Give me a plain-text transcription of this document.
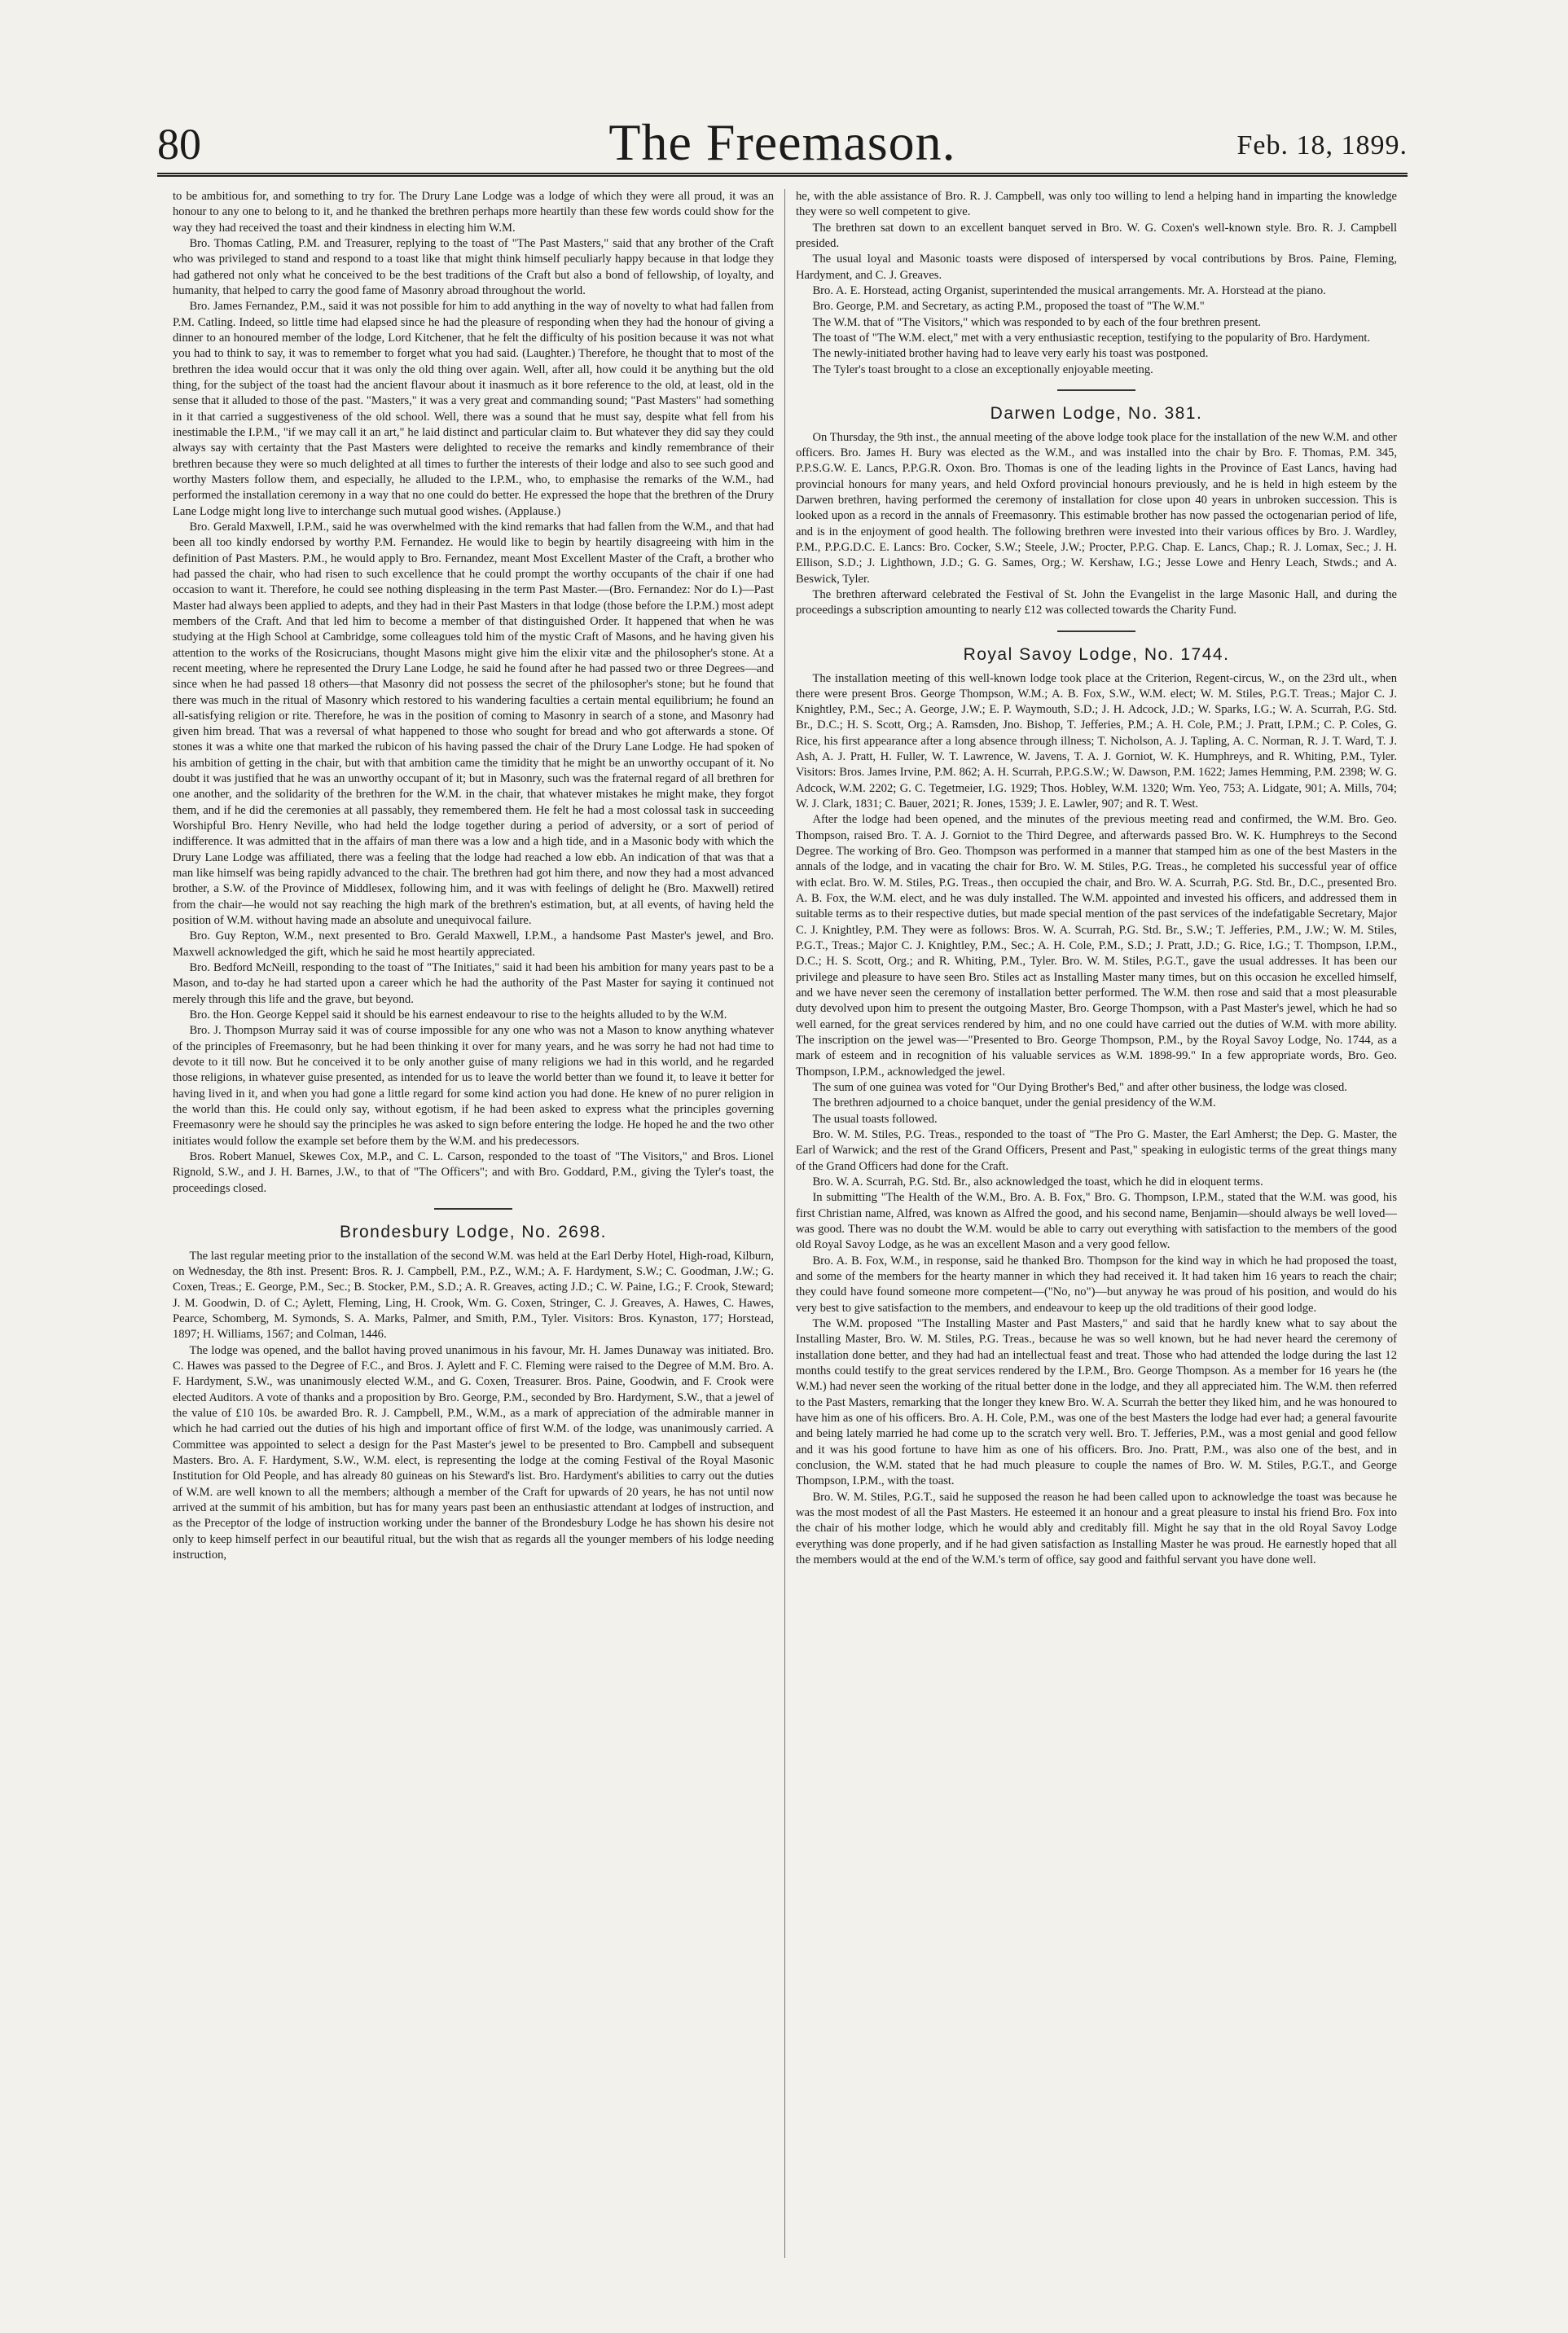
80	The Freemason.	Feb. 18, 1899.

to be ambitious for, and something to try for. The Drury Lane Lodge was a lodge of which they were all proud, it was an honour to any one to belong to it, and he thanked the brethren perhaps more heartily than these few words could show for the way they had received the toast and their kindness in electing him W.M.

Bro. Thomas Catling, P.M. and Treasurer, replying to the toast of "The Past Masters," said that any brother of the Craft who was privileged to stand and respond to a toast like that might think himself peculiarly happy because in that lodge they had gathered not only what he conceived to be the best traditions of the Craft but also a bond of fellowship, of loyalty, and humanity, that helped to carry the good fame of Masonry abroad throughout the world.

Bro. James Fernandez, P.M., said it was not possible for him to add anything in the way of novelty to what had fallen from P.M. Catling. Indeed, so little time had elapsed since he had the pleasure of responding when they had the honour of giving a dinner to an honoured member of the lodge, Lord Kitchener, that he felt the difficulty of his position because it was not what you had to think to say, it was to remember to forget what you had said. (Laughter.) Therefore, he thought that to most of the brethren the idea would occur that it was only the old thing over again. Well, after all, how could it be anything but the old thing, for the subject of the toast had the ancient flavour about it inasmuch as it bore reference to the old, at least, old in the sense that it alluded to those of the past. "Masters," it was a very great and commanding sound; "Past Masters" had something in it that carried a suggestiveness of the old school. Well, there was a sound that he must say, despite what fell from his inestimable the I.P.M., "if we may call it an art," he laid distinct and particular claim to. But whatever they did say they could always say with certainty that the Past Masters were delighted to receive the remarks and kindly remembrance of their brethren because they were so much delighted at all times to further the interests of their lodge and also to see such good and worthy Masters follow them, and especially, he alluded to the I.P.M., who, to emphasise the remarks of the W.M., had performed the installation ceremony in a way that no one could do better. He expressed the hope that the brethren of the Drury Lane Lodge might long live to interchange such mutual good wishes. (Applause.)

Bro. Gerald Maxwell, I.P.M., said he was overwhelmed with the kind remarks that had fallen from the W.M., and that had been all too kindly endorsed by worthy P.M. Fernandez. He would like to begin by heartily disagreeing with him in the definition of Past Masters. P.M., he would apply to Bro. Fernandez, meant Most Excellent Master of the Craft, a brother who had passed the chair, who had risen to such excellence that he could prompt the worthy occupants of the chair if one had occasion to want it. Therefore, he could see nothing displeasing in the term Past Master.—(Bro. Fernandez: Nor do I.)—Past Master had always been applied to adepts, and they had in their Past Masters in that lodge (those before the I.P.M.) most adept members of the Craft. And that led him to become a member of that distinguished Order. It happened that when he was studying at the High School at Cambridge, some colleagues told him of the mystic Craft of Masons, and he having given his attention to the works of the Rosicrucians, thought Masons might give him the elixir vitæ and the philosopher's stone. At a recent meeting, where he represented the Drury Lane Lodge, he said he found after he had passed two or three Degrees—and since when he had passed 18 others—that Masonry did not possess the secret of the philosopher's stone; but he found that there was much in the ritual of Masonry which restored to his wandering faculties a certain mental equilibrium; he found an all-satisfying religion or rite. Therefore, he was in the position of coming to Masonry in search of a stone, and Masonry had given him bread. That was a reversal of what happened to those who sought for bread and who got afterwards a stone. Of stones it was a white one that marked the rubicon of his having passed the chair of the Drury Lane Lodge. He had spoken of his ambition of getting in the chair, but with that ambition came the timidity that he might be an unworthy occupant of it. No doubt it was justified that he was an unworthy occupant of it; but in Masonry, such was the fraternal regard of all brethren for one another, and the solidarity of the brethren for the W.M. in the chair, that whatever mistakes he might make, they forgot them, and if he did the ceremonies at all passably, they remembered them. He felt he had a most colossal task in succeeding Worshipful Bro. Henry Neville, who had held the lodge together during a period of adversity, or a sort of period of indifference. It was admitted that in the affairs of man there was a low and a high tide, and in a Masonic body with which the Drury Lane Lodge was affiliated, there was a feeling that the lodge had reached a low ebb. An indication of that was that a man like himself was being rapidly advanced to the chair. The brethren had got him there, and now they had a most advanced brother, a S.W. of the Province of Middlesex, following him, and it was with feelings of delight he (Bro. Maxwell) retired from the chair—he would not say reaching the high mark of the brethren's estimation, but, at all events, of having held the position of W.M. without having made an absolute and unequivocal failure.

Bro. Guy Repton, W.M., next presented to Bro. Gerald Maxwell, I.P.M., a handsome Past Master's jewel, and Bro. Maxwell acknowledged the gift, which he said he most heartily appreciated.

Bro. Bedford McNeill, responding to the toast of "The Initiates," said it had been his ambition for many years past to be a Mason, and to-day he had started upon a career which he had the authority of the Past Master for saying it continued not merely through this life and the grave, but beyond.

Bro. the Hon. George Keppel said it should be his earnest endeavour to rise to the heights alluded to by the W.M.

Bro. J. Thompson Murray said it was of course impossible for any one who was not a Mason to know anything whatever of the principles of Freemasonry, but he had been thinking it over for many years, and he was sorry he had not had time to devote to it till now. But he conceived it to be only another guise of many religions we had in this world, and he regarded those religions, in whatever guise presented, as intended for us to leave the world better than we found it, to leave it better for having lived in it, and when you had gone a little regard for some kind action you had done. He knew of no purer religion in the world than this. He could only say, without egotism, if he had been asked to express what the principles governing Freemasonry were he should say the principles he was asked to sign before entering the lodge. He hoped he and the two other initiates would follow the example set before them by the W.M. and his predecessors.

Bros. Robert Manuel, Skewes Cox, M.P., and C. L. Carson, responded to the toast of "The Visitors," and Bros. Lionel Rignold, S.W., and J. H. Barnes, J.W., to that of "The Officers"; and with Bro. Goddard, P.M., giving the Tyler's toast, the proceedings closed.

Brondesbury Lodge, No. 2698.

The last regular meeting prior to the installation of the second W.M. was held at the Earl Derby Hotel, High-road, Kilburn, on Wednesday, the 8th inst. Present: Bros. R. J. Campbell, P.M., P.Z., W.M.; A. F. Hardyment, S.W.; C. Goodman, J.W.; G. Coxen, Treas.; E. George, P.M., Sec.; B. Stocker, P.M., S.D.; A. R. Greaves, acting J.D.; C. W. Paine, I.G.; F. Crook, Steward; J. M. Goodwin, D. of C.; Aylett, Fleming, Ling, H. Crook, Wm. G. Coxen, Stringer, C. J. Greaves, A. Hawes, C. Hawes, Pearce, Schomberg, M. Symonds, S. A. Marks, Palmer, and Smith, P.M., Tyler. Visitors: Bros. Kynaston, 177; Horstead, 1897; H. Williams, 1567; and Colman, 1446.

The lodge was opened, and the ballot having proved unanimous in his favour, Mr. H. James Dunaway was initiated. Bro. C. Hawes was passed to the Degree of F.C., and Bros. J. Aylett and F. C. Fleming were raised to the Degree of M.M. Bro. A. F. Hardyment, S.W., was unanimously elected W.M., and G. Coxen, Treasurer. Bros. Paine, Goodwin, and F. Crook were elected Auditors. A vote of thanks and a proposition by Bro. George, P.M., seconded by Bro. Hardyment, S.W., that a jewel of the value of £10 10s. be awarded Bro. R. J. Campbell, P.M., W.M., as a mark of appreciation of the admirable manner in which he had carried out the duties of his high and important office of first W.M. of the lodge, was unanimously carried. A Committee was appointed to select a design for the Past Master's jewel to be presented to Bro. Campbell and subsequent Masters. Bro. A. F. Hardyment, S.W., W.M. elect, is representing the lodge at the coming Festival of the Royal Masonic Institution for Old People, and has already 80 guineas on his Steward's list. Bro. Hardyment's abilities to carry out the duties of W.M. are well known to all the members; although a member of the Craft for upwards of 20 years, he has not until now arrived at the summit of his ambition, but has for many years past been an enthusiastic attendant at lodges of instruction, and as the Preceptor of the lodge of instruction working under the banner of the Brondesbury Lodge he has shown his desire not only to keep himself perfect in our beautiful ritual, but the wish that as regards all the younger members of his lodge needing instruction,

he, with the able assistance of Bro. R. J. Campbell, was only too willing to lend a helping hand in imparting the knowledge they were so well competent to give.

The brethren sat down to an excellent banquet served in Bro. W. G. Coxen's well-known style. Bro. R. J. Campbell presided.

The usual loyal and Masonic toasts were disposed of interspersed by vocal contributions by Bros. Paine, Fleming, Hardyment, and C. J. Greaves.

Bro. A. E. Horstead, acting Organist, superintended the musical arrangements. Mr. A. Horstead at the piano.

Bro. George, P.M. and Secretary, as acting P.M., proposed the toast of "The W.M."

The W.M. that of "The Visitors," which was responded to by each of the four brethren present.

The toast of "The W.M. elect," met with a very enthusiastic reception, testifying to the popularity of Bro. Hardyment.

The newly-initiated brother having had to leave very early his toast was postponed.

The Tyler's toast brought to a close an exceptionally enjoyable meeting.

Darwen Lodge, No. 381.

On Thursday, the 9th inst., the annual meeting of the above lodge took place for the installation of the new W.M. and other officers. Bro. James H. Bury was elected as the W.M., and was installed into the chair by Bro. F. Thomas, P.M. 345, P.P.S.G.W. E. Lancs, P.P.G.R. Oxon. Bro. Thomas is one of the leading lights in the Province of East Lancs, having had provincial honours for many years, and held Oxford provincial honours previously, and he is held in high esteem by the Darwen brethren, having performed the ceremony of installation for close upon 40 years in unbroken succession. This is looked upon as a record in the annals of Freemasonry. This estimable brother has now passed the octogenarian period of life, and is in the enjoyment of good health. The following brethren were invested into their various offices by Bro. J. Wardley, P.M., P.P.G.D.C. E. Lancs: Bro. Cocker, S.W.; Steele, J.W.; Procter, P.P.G. Chap. E. Lancs, Chap.; R. J. Lomax, Sec.; J. H. Ellison, S.D.; J. Lighthown, J.D.; G. G. Sames, Org.; W. Kershaw, I.G.; Jesse Lowe and Henry Leach, Stwds.; and A. Beswick, Tyler.

The brethren afterward celebrated the Festival of St. John the Evangelist in the large Masonic Hall, and during the proceedings a subscription amounting to nearly £12 was collected towards the Charity Fund.

Royal Savoy Lodge, No. 1744.

The installation meeting of this well-known lodge took place at the Criterion, Regent-circus, W., on the 23rd ult., when there were present Bros. George Thompson, W.M.; A. B. Fox, S.W., W.M. elect; W. M. Stiles, P.G.T. Treas.; Major C. J. Knightley, P.M., Sec.; A. George, J.W.; E. P. Waymouth, S.D.; J. H. Adcock, J.D.; W. Sparks, I.G.; W. A. Scurrah, P.G. Std. Br., D.C.; H. S. Scott, Org.; A. Ramsden, Jno. Bishop, T. Jefferies, P.M.; A. H. Cole, P.M.; J. Pratt, I.P.M.; C. P. Coles, G. Rice, his first appearance after a long absence through illness; T. Nicholson, A. J. Tapling, A. C. Norman, R. J. T. Ward, T. J. Ash, A. J. Pratt, H. Fuller, W. T. Lawrence, W. Javens, T. A. J. Gorniot, W. K. Humphreys, and R. Whiting, P.M., Tyler. Visitors: Bros. James Irvine, P.M. 862; A. H. Scurrah, P.P.G.S.W.; W. Dawson, P.M. 1622; James Hemming, P.M. 2398; W. G. Adcock, W.M. 2202; G. C. Tegetmeier, I.G. 1929; Thos. Hobley, W.M. 1320; Wm. Yeo, 753; A. Lidgate, 901; A. Mills, 704; W. J. Clark, 1831; C. Bauer, 2021; R. Jones, 1539; J. E. Lawler, 907; and R. T. West.

After the lodge had been opened, and the minutes of the previous meeting read and confirmed, the W.M. Bro. Geo. Thompson, raised Bro. T. A. J. Gorniot to the Third Degree, and afterwards passed Bro. W. K. Humphreys to the Second Degree. The working of Bro. Geo. Thompson was performed in a manner that stamped him as one of the best Masters in the annals of the lodge, and in vacating the chair for Bro. W. M. Stiles, P.G. Treas., he completed his successful year of office with eclat. Bro. W. M. Stiles, P.G. Treas., then occupied the chair, and Bro. W. A. Scurrah, P.G. Std. Br., D.C., presented Bro. A. B. Fox, the W.M. elect, and he was duly installed. The W.M. appointed and invested his officers, and addressed them in suitable terms as to their respective duties, but made special mention of the past services of the indefatigable Secretary, Major C. J. Knightley, P.M. They were as follows: Bros. W. A. Scurrah, P.G. Std. Br., S.W.; T. Jefferies, P.M., J.W.; W. M. Stiles, P.G.T., Treas.; Major C. J. Knightley, P.M., Sec.; A. H. Cole, P.M., S.D.; J. Pratt, J.D.; G. Rice, I.G.; T. Thompson, I.P.M., D.C.; H. S. Scott, Org.; and R. Whiting, P.M., Tyler. Bro. W. M. Stiles, P.G.T., gave the usual addresses. It has been our privilege and pleasure to have seen Bro. Stiles act as Installing Master many times, but on this occasion he excelled himself, and we have never seen the ceremony of installation better performed. The W.M. then rose and said that a most pleasurable duty devolved upon him to present the outgoing Master, Bro. George Thompson, with a Past Master's jewel, which he had so well earned, for the great services rendered by him, and no one could have carried out the duties of W.M. with more ability. The inscription on the jewel was—"Presented to Bro. George Thompson, P.M., by the Royal Savoy Lodge, No. 1744, as a mark of esteem and in recognition of his valuable services as W.M. 1898-99." In a few appropriate words, Bro. Geo. Thompson, I.P.M., acknowledged the jewel.

The sum of one guinea was voted for "Our Dying Brother's Bed," and after other business, the lodge was closed.

The brethren adjourned to a choice banquet, under the genial presidency of the W.M.

The usual toasts followed.

Bro. W. M. Stiles, P.G. Treas., responded to the toast of "The Pro G. Master, the Earl Amherst; the Dep. G. Master, the Earl of Warwick; and the rest of the Grand Officers, Present and Past," speaking in eulogistic terms of the great things many of the Grand Officers had done for the Craft.

Bro. W. A. Scurrah, P.G. Std. Br., also acknowledged the toast, which he did in eloquent terms.

In submitting "The Health of the W.M., Bro. A. B. Fox," Bro. G. Thompson, I.P.M., stated that the W.M. was good, his first Christian name, Alfred, was known as Alfred the good, and his second name, Benjamin—should always be well loved—was good. There was no doubt the W.M. would be able to carry out everything with satisfaction to the members of the good old Royal Savoy Lodge, as he was an excellent Mason and a very good fellow.

Bro. A. B. Fox, W.M., in response, said he thanked Bro. Thompson for the kind way in which he had proposed the toast, and some of the members for the hearty manner in which they had received it. It had taken him 16 years to reach the chair; they could have found someone more competent—("No, no")—but anyway he was proud of his position, and would do his very best to give satisfaction to the members, and endeavour to keep up the old traditions of their good lodge.

The W.M. proposed "The Installing Master and Past Masters," and said that he hardly knew what to say about the Installing Master, Bro. W. M. Stiles, P.G. Treas., because he was so well known, but he had never heard the ceremony of installation done better, and they had had an intellectual feast and treat. Those who had attended the lodge during the last 12 months could testify to the great services rendered by the I.P.M., Bro. George Thompson. As a member for 16 years he (the W.M.) had never seen the working of the ritual better done in the lodge, and they all appreciated him. The W.M. then referred to the Past Masters, remarking that the longer they knew Bro. W. A. Scurrah the better they liked him, and he was honoured to have him as one of his officers. Bro. A. H. Cole, P.M., was one of the best Masters the lodge had ever had; a general favourite and being lately married he had come up to the scratch very well. Bro. T. Jefferies, P.M., was a most genial and good fellow and it was his good fortune to have him as one of his officers. Bro. Jno. Pratt, P.M., was also one of the best, and in conclusion, the W.M. stated that he had much pleasure to couple the names of Bro. W. M. Stiles, P.G.T., and George Thompson, I.P.M., with the toast.

Bro. W. M. Stiles, P.G.T., said he supposed the reason he had been called upon to acknowledge the toast was because he was the most modest of all the Past Masters. He esteemed it an honour and a great pleasure to instal his friend Bro. Fox into the chair of his mother lodge, which he would ably and creditably fill. Might he say that in the old Royal Savoy Lodge everything was done properly, and if he had given satisfaction as Installing Master he was proud. He earnestly hoped that all the members would at the end of the W.M.'s term of office, say good and faithful servant you have done well.
